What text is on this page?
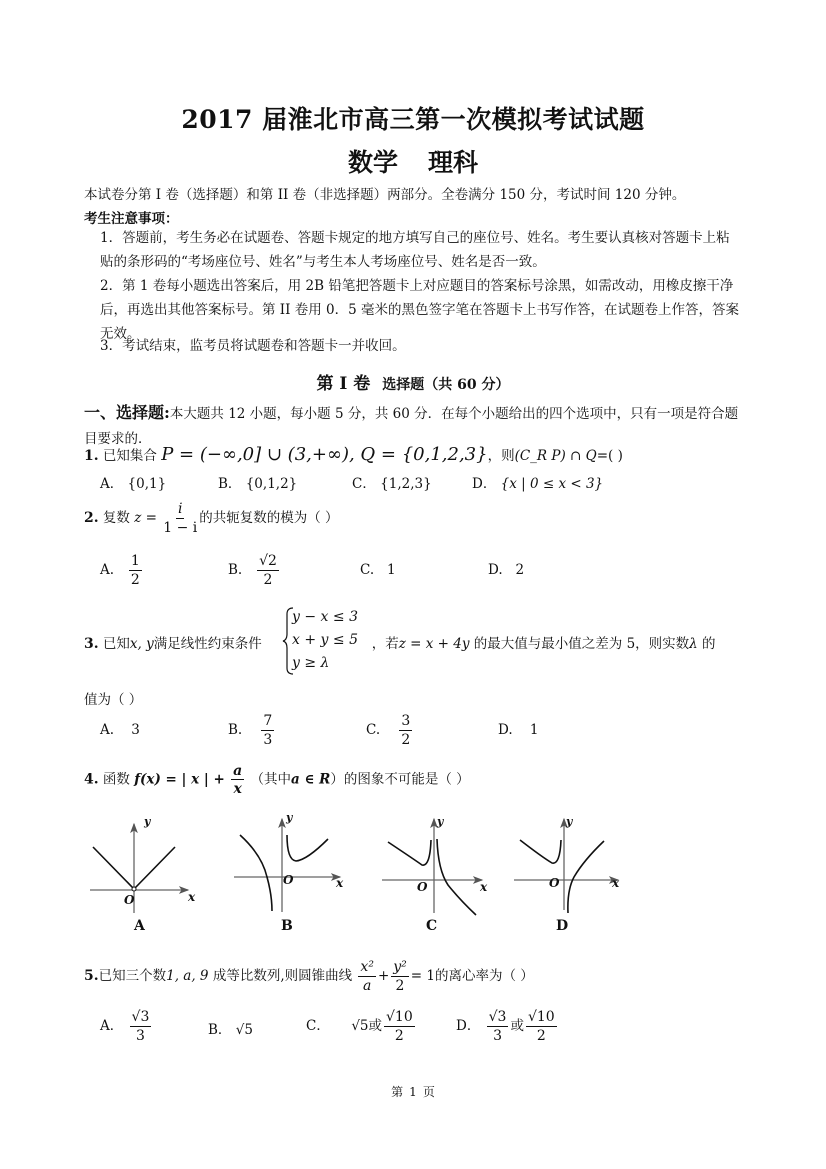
2017 届淮北市高三第一次模拟考试试题
数学 理科
本试卷分第 I 卷（选择题）和第 II 卷（非选择题）两部分。全卷满分 150 分，考试时间 120 分钟。
考生注意事项：
1．答题前，考生务必在试题卷、答题卡规定的地方填写自己的座位号、姓名。考生要认真核对答题卡上粘贴的条形码的“考场座位号、姓名”与考生本人考场座位号、姓名是否一致。
2．第 1 卷每小题选出答案后，用 2B 铅笔把答题卡上对应题目的答案标号涂黑，如需改动，用橡皮擦干净后，再选出其他答案标号。第 II 卷用 0．5 毫米的黑色签字笔在答题卡上书写作答，在试题卷上作答，答案无效。
3．考试结束，监考员将试题卷和答题卡一并收回。
第 Ⅰ 卷 选择题（共 60 分）
一、选择题:本大题共 12 小题，每小题 5 分，共 60 分．在每个小题给出的四个选项中，只有一项是符合题目要求的．
1. 已知集合 P = (−∞,0] ∪ (3,+∞), Q = {0,1,2,3}，则(C_R P) ∩ Q=( )
A． {0,1}	B． {0,1,2}	C． {1,2,3}	D． {x | 0 ≤ x < 3}
2. 复数 $z = \frac{i}{1 - i}$ 的共轭复数的模为（ ）
A. $\frac{1}{2}$	B. $\frac{√2}{2}$	C. 1	D. 2
3. 已知x, y满足线性约束条件	，若z = x + 4y 的最大值与最小值之差为 5，则实数λ 的
y − x ≤ 3
x + y ≤ 5
y ≥ λ
值为（ ）
A. 3	B. $\frac{7}{3}$	C. $\frac{3}{2}$	D. 1
4. 函数 f(x) = | x | +
a
x
（其中a ∈ R）的图象不可能是（ ）
y
x
O
A
y
x
O
B
y
x
O
C
y
x
O
D
5.已知三个数1, a, 9 成等比数列,则圆锥曲线 $\frac{\text{x²}}{a} + \frac{\text{y²}}{2} = 1$的离心率为（ ）
A． $\frac{√3}{3}$	B． √5	C． √5或 $\frac{√10}{2}$	D． $\frac{√3}{3}$ 或 $\frac{√10}{2}$
第 1 页
